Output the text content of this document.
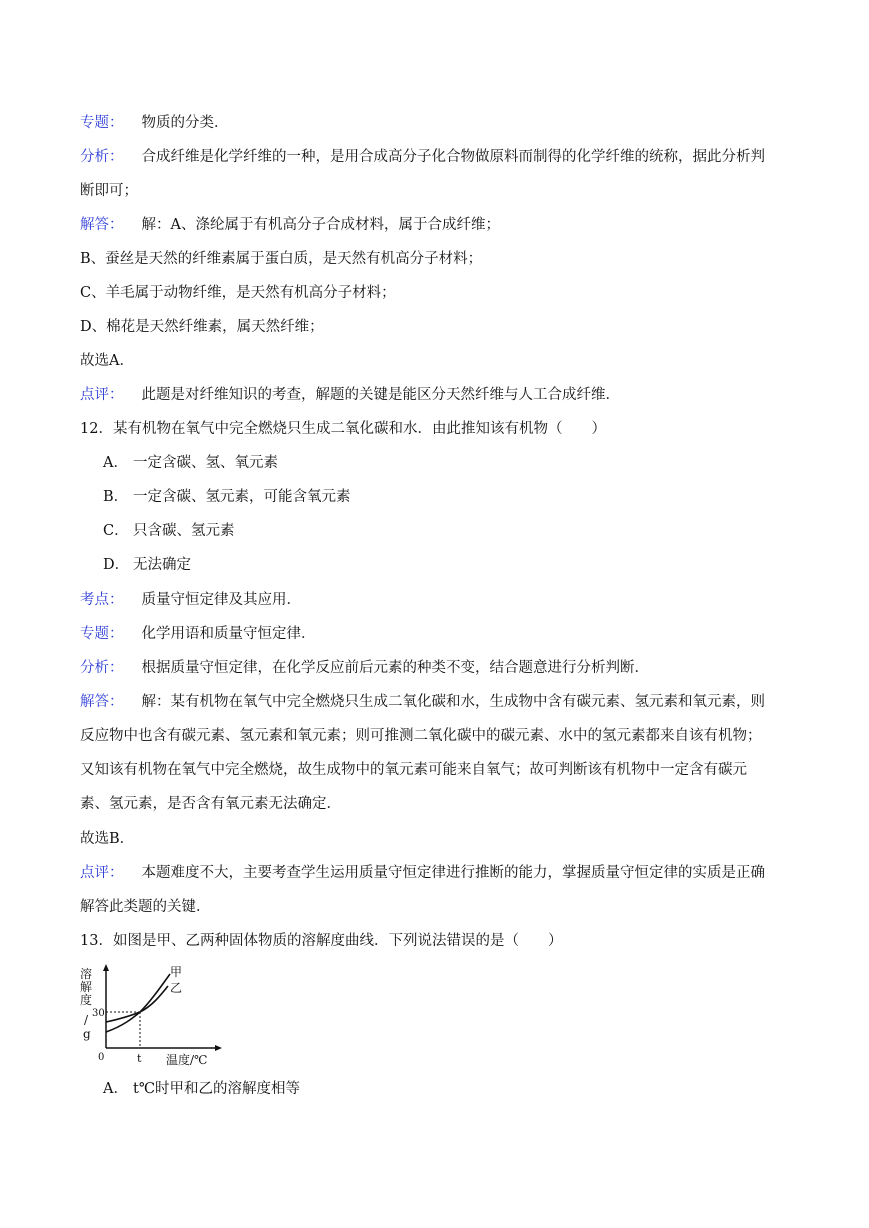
专题： 物质的分类．
分析： 合成纤维是化学纤维的一种，是用合成高分子化合物做原料而制得的化学纤维的统称，据此分析判
断即可；
解答： 解：A、涤纶属于有机高分子合成材料，属于合成纤维；
B、蚕丝是天然的纤维素属于蛋白质，是天然有机高分子材料；
C、羊毛属于动物纤维，是天然有机高分子材料；
D、棉花是天然纤维素，属天然纤维；
故选A．
点评： 此题是对纤维知识的考查，解题的关键是能区分天然纤维与人工合成纤维．
12．某有机物在氧气中完全燃烧只生成二氧化碳和水．由此推知该有机物（　　）
A． 一定含碳、氢、氧元素
B． 一定含碳、氢元素，可能含氧元素
C． 只含碳、氢元素
D． 无法确定
考点： 质量守恒定律及其应用．
专题： 化学用语和质量守恒定律．
分析： 根据质量守恒定律，在化学反应前后元素的种类不变，结合题意进行分析判断．
解答： 解：某有机物在氧气中完全燃烧只生成二氧化碳和水，生成物中含有碳元素、氢元素和氧元素，则
反应物中也含有碳元素、氢元素和氧元素；则可推测二氧化碳中的碳元素、水中的氢元素都来自该有机物；
又知该有机物在氧气中完全燃烧，故生成物中的氧元素可能来自氧气；故可判断该有机物中一定含有碳元
素、氢元素，是否含有氧元素无法确定．
故选B．
点评： 本题难度不大，主要考查学生运用质量守恒定律进行推断的能力，掌握质量守恒定律的实质是正确
解答此类题的关键．
13．如图是甲、乙两种固体物质的溶解度曲线．下列说法错误的是（　　）
溶
解
度
/
g
30
0	t 温度/℃
甲
乙
A． t℃时甲和乙的溶解度相等
